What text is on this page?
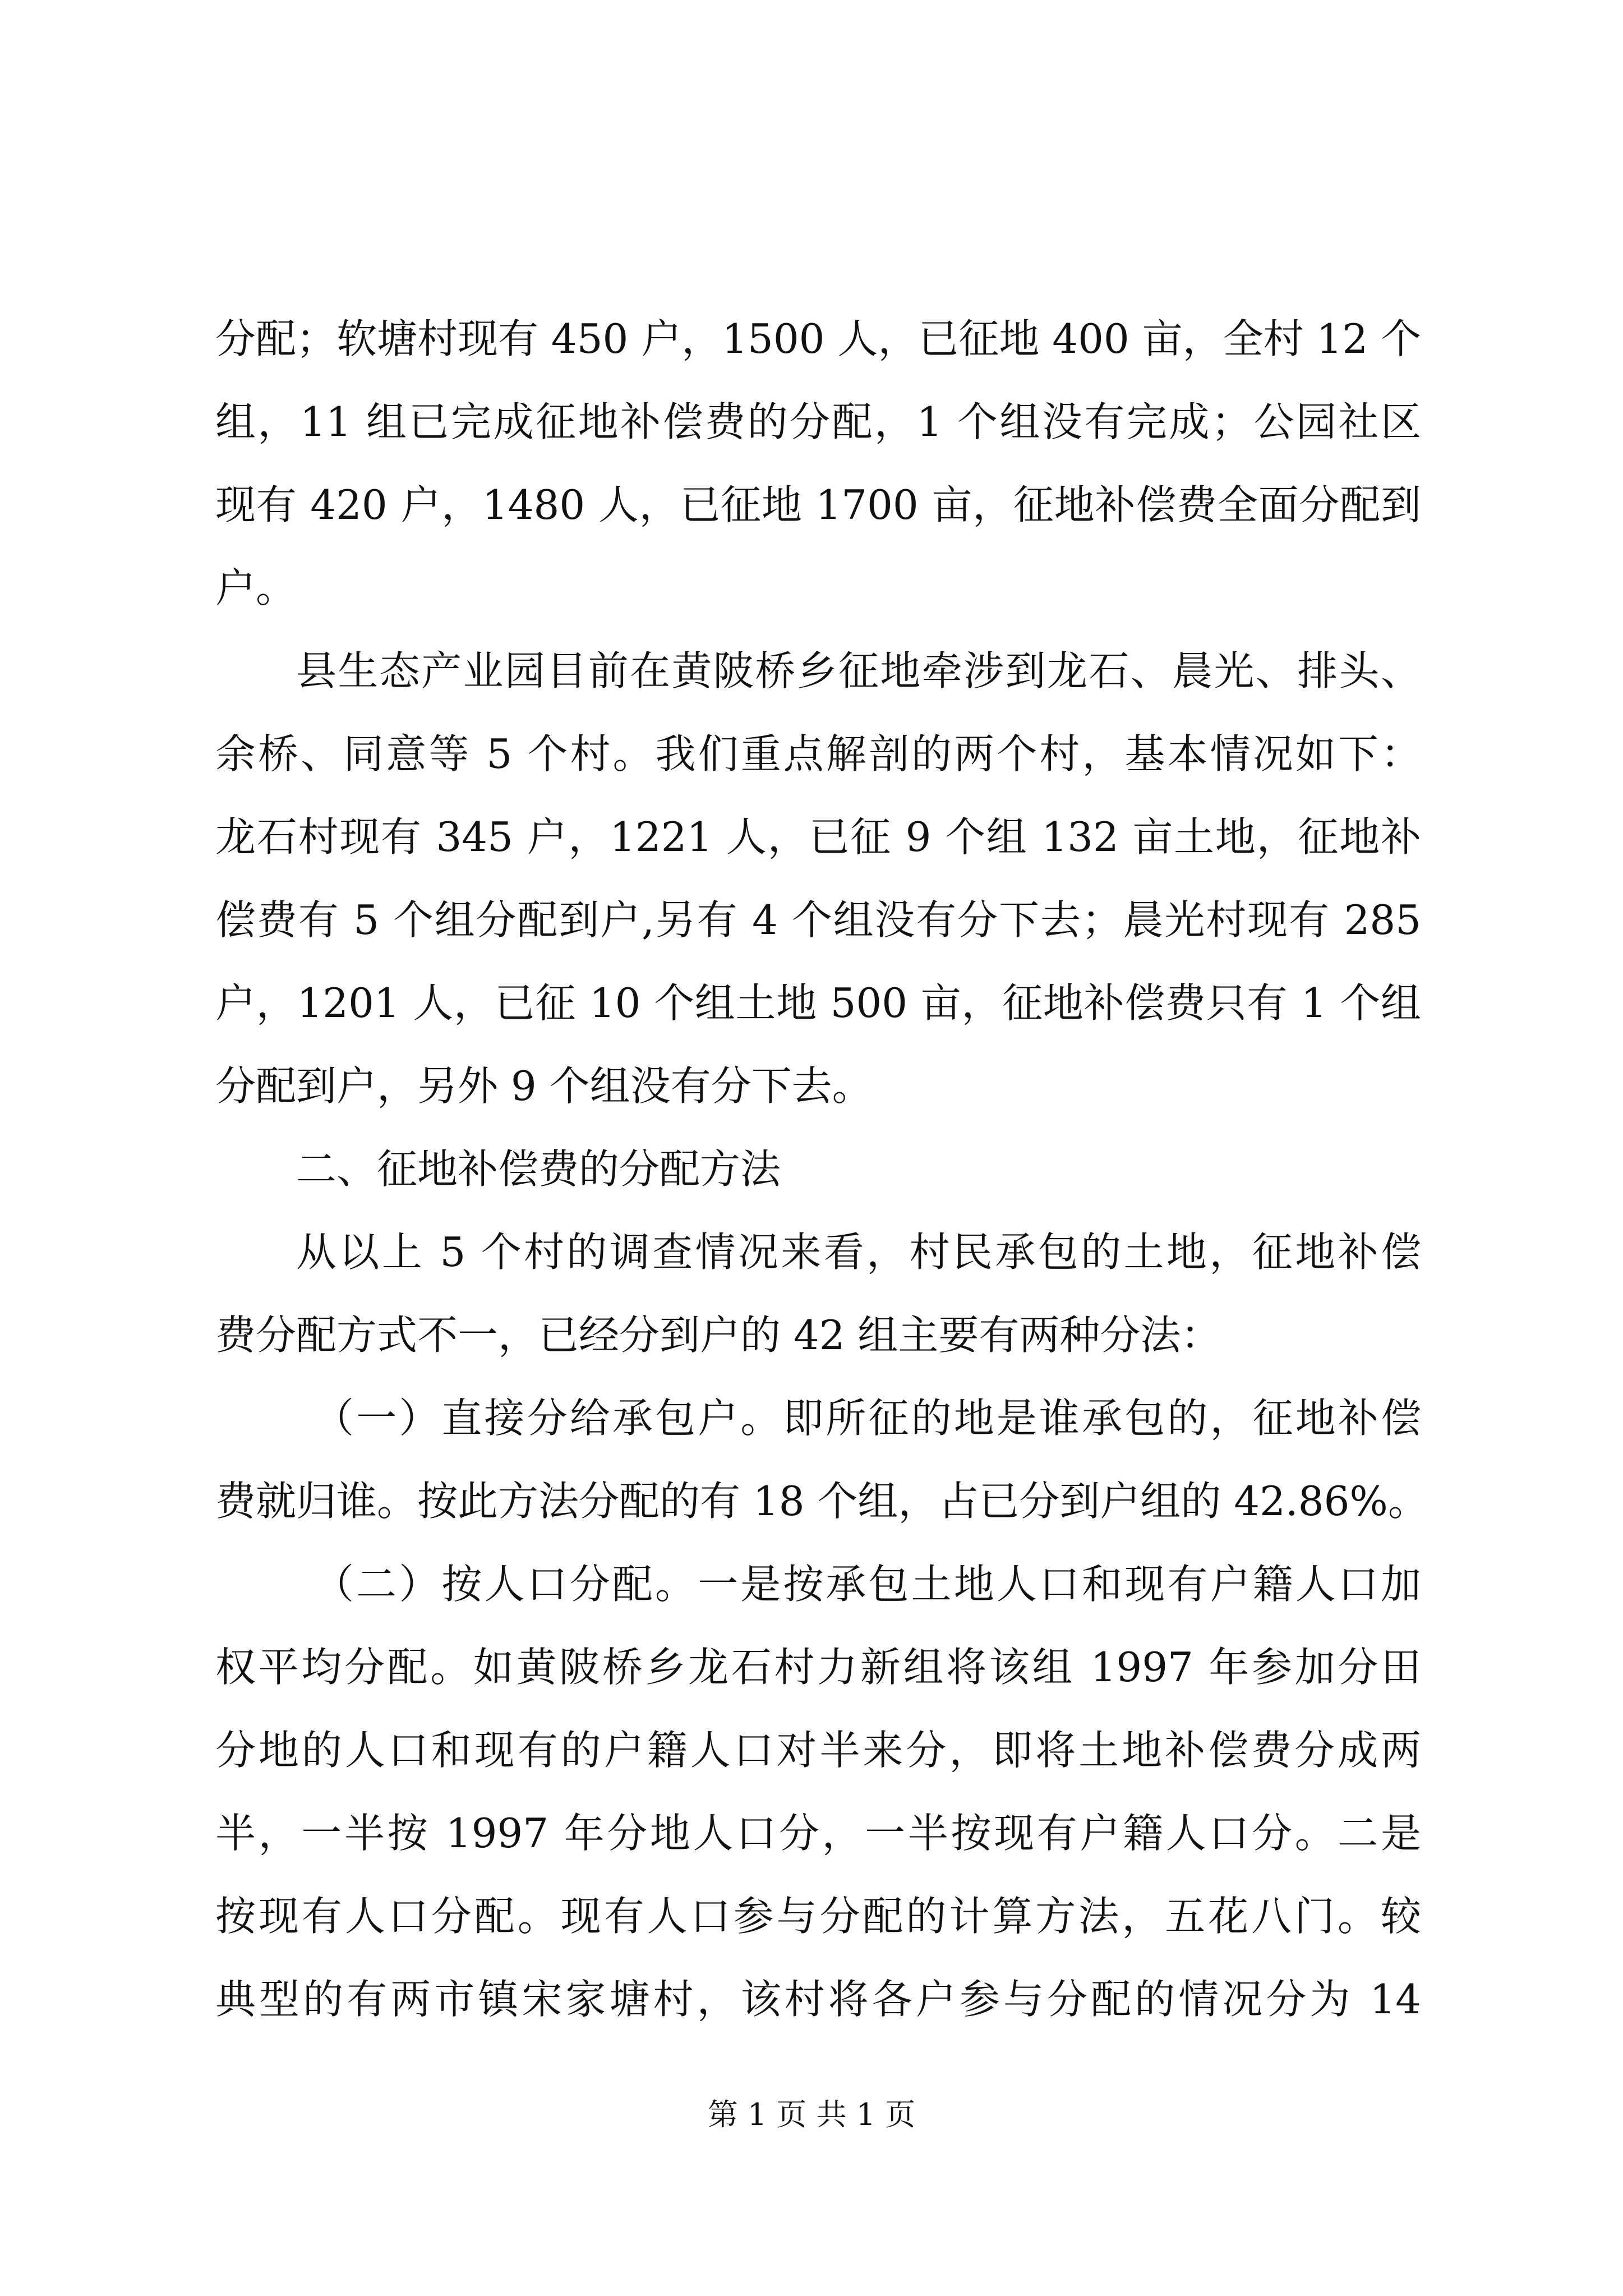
分配；软塘村现有 450 户，1500 人，已征地 400 亩，全村 12 个
组，11 组已完成征地补偿费的分配，1 个组没有完成；公园社区
现有 420 户，1480 人，已征地 1700 亩，征地补偿费全面分配到
户。
县生态产业园目前在黄陂桥乡征地牵涉到龙石、晨光、排头、
余桥、同意等 5 个村。我们重点解剖的两个村，基本情况如下：
龙石村现有 345 户，1221 人，已征 9 个组 132 亩土地，征地补
偿费有 5 个组分配到户,另有 4 个组没有分下去；晨光村现有 285
户，1201 人，已征 10 个组土地 500 亩，征地补偿费只有 1 个组
分配到户，另外 9 个组没有分下去。
二、征地补偿费的分配方法
从以上 5 个村的调查情况来看，村民承包的土地，征地补偿
费分配方式不一，已经分到户的 42 组主要有两种分法：
（一）直接分给承包户。即所征的地是谁承包的，征地补偿
费就归谁。按此方法分配的有 18 个组，占已分到户组的 42.86%。
（二）按人口分配。一是按承包土地人口和现有户籍人口加
权平均分配。如黄陂桥乡龙石村力新组将该组 1997 年参加分田
分地的人口和现有的户籍人口对半来分，即将土地补偿费分成两
半，一半按 1997 年分地人口分，一半按现有户籍人口分。二是
按现有人口分配。现有人口参与分配的计算方法，五花八门。较
典型的有两市镇宋家塘村，该村将各户参与分配的情况分为 14
第 1 页 共 1 页
